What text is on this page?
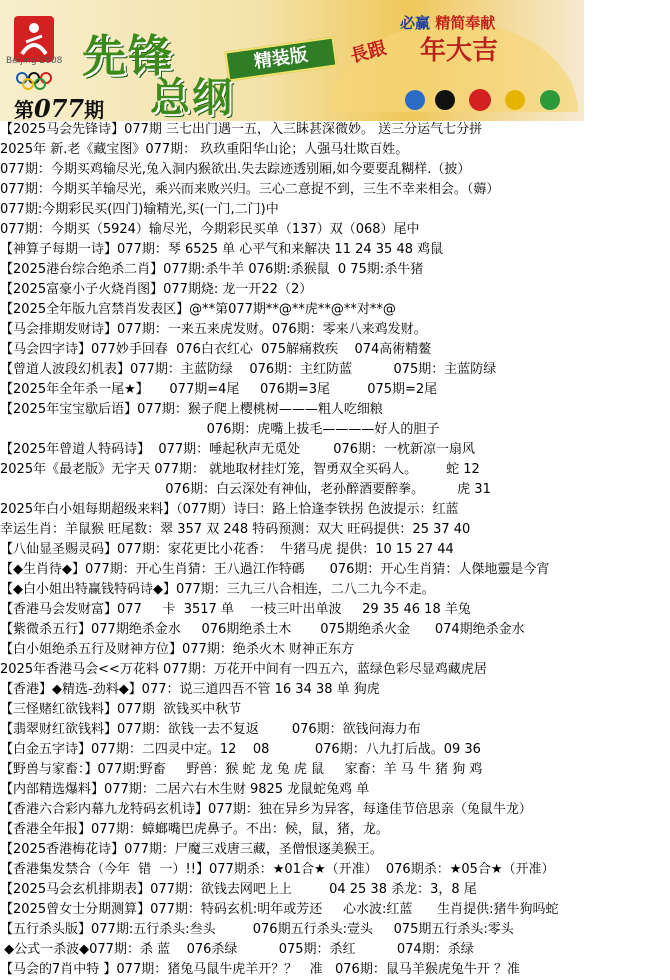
Beijing 2008	年大吉
先锋	精装版
总纲
第077期
必赢 精简奉献
長跟
【2025马会先锋诗】077期 三七出门遇一五，入三眛甚深微妙。 送三分运气七分拼
2025年 新.老《藏宝图》077期： 玖玖重阳华山论；人强马壮欺百姓。
077期：今期买鸡输尽光,兔入洞内猴欲出.失去踪迹透别厢,如今要要乱糊样.（披）
077期：今期买羊输尽光，乘兴而来败兴归。三心二意捉不到，三生不幸来相会。（薅）
077期:今期彩民买(四门)输精光,买(一门,二门)中
077期：今期买（5924）输尽光，今期彩民买单（137）双（068）尾中
【神算子每期一诗】077期：琴 6525 单 心平气和来解决 11 24 35 48 鸡鼠
【2025港台综合绝杀二肖】077期:杀牛羊 076期:杀猴鼠  0 75期:杀牛猪
【2025富豪小子火烧肖图】077期烧: 龙一开22（2）
【2025全年版九宫禁肖发表区】@**第077期**@**虎**@**对**@
【马会排期发财诗】077期：一来五来虎发财。076期：零来八来鸡发财。
【马会四字诗】077妙手回春  076白衣红心  075解痛救疾    074高術精鳌
【曾道人波段幻机表】077期：主蓝防绿    076期：主红防蓝          075期：主蓝防绿
【2025年全年杀一尾★】     077期=4尾     076期=3尾         075期=2尾
【2025年宝宝歇后语】077期：猴子爬上樱桃树———粗人吃细粮
076期：虎嘴上拔毛————好人的胆子
【2025年曾道人特码诗】  077期：唾起秋声无觅处        076期：一枕新凉一扇风
2025年《最老版》无字天 077期： 就地取材挂灯笼，智勇双全买码人。       蛇 12
076期：白云深处有神仙，老孙醉酒要醉拳。        虎 31
2025年白小姐每期超级来料】（077期）诗曰：路上恰逢李铁拐 色波提示：红蓝
幸运生肖：羊鼠猴 旺尾数：翠 357 双 248 特码预测：双大 旺码提供：25 37 40
【八仙显圣赐灵码】077期：家花更比小花香：  牛猪马虎 提供：10 15 27 44
【◆生肖待◆】077期：开心生肖猜：王八過江作特碼      076期：开心生肖猜：人傑地靈是今宵
【◆白小姐出特赢钱特码诗◆】077期：三九三八合相连，二八二九今不走。
【香港马会发财富】077     卡  3517 单    一枝三叶出单波     29 35 46 18 羊兔
【紫微杀五行】077期绝杀金水     076期绝杀土木       075期绝杀火金      074期绝杀金水
【白小姐绝杀五行及财神方位】077期：绝杀火木 财神正东方
2025年香港马会<<万花料 077期：万花开中间有一四五六，蓝绿色彩尽显鸡藏虎居
【香港】◆精选-劲料◆】077：说三道四吾不管 16 34 38 单 狗虎
【三怪赌红欲钱料】077期  欲钱买中秋节
【翡翠财红欲钱料】077期：欲钱一去不复返        076期：欲钱问海力布
【白金五字诗】077期：二四灵中定。12    08           076期：八九打后战。09 36
【野兽与家畜：】077期:野畜     野兽：猴 蛇 龙 兔 虎 鼠     家畜：羊 马 牛 猪 狗 鸡
【内部精选爆料】077期：二居六右木生财 9825 龙鼠蛇兔鸡 单
【香港六合彩内幕九龙特码玄机诗】077期：独在异乡为异客，每逢佳节倍思亲（兔鼠牛龙）
【香港全年报】077期：蟑螂嘴巴虎鼻子。不出：候，鼠，猪，龙。
【2025香港梅花诗】077期：尸魔三戏唐三藏，圣僧恨逐美猴王。
【香港集发禁合（今年  错  一）!!】077期杀：★01合★（开准）  076期杀：★05合★（开准）
【2025马会玄机排期表】077期：欲钱去网吧上上         04 25 38 杀龙：3，8 尾
【2025曾女士分期测算】077期：特码玄机:明年或芳还     心水波:红蓝      生肖提供:猪牛狗吗蛇
【五行杀头版】077期:五行杀头:叁头         076期五行杀头:壹头     075期五行杀头:零头
◆公式一杀波◆077期：杀 蓝    076杀绿          075期：杀红          074期：杀绿
【马会的7肖中特 】077期：猪兔马鼠牛虎羊开？？   准   076期：鼠马羊猴虎兔牛开 ？准
